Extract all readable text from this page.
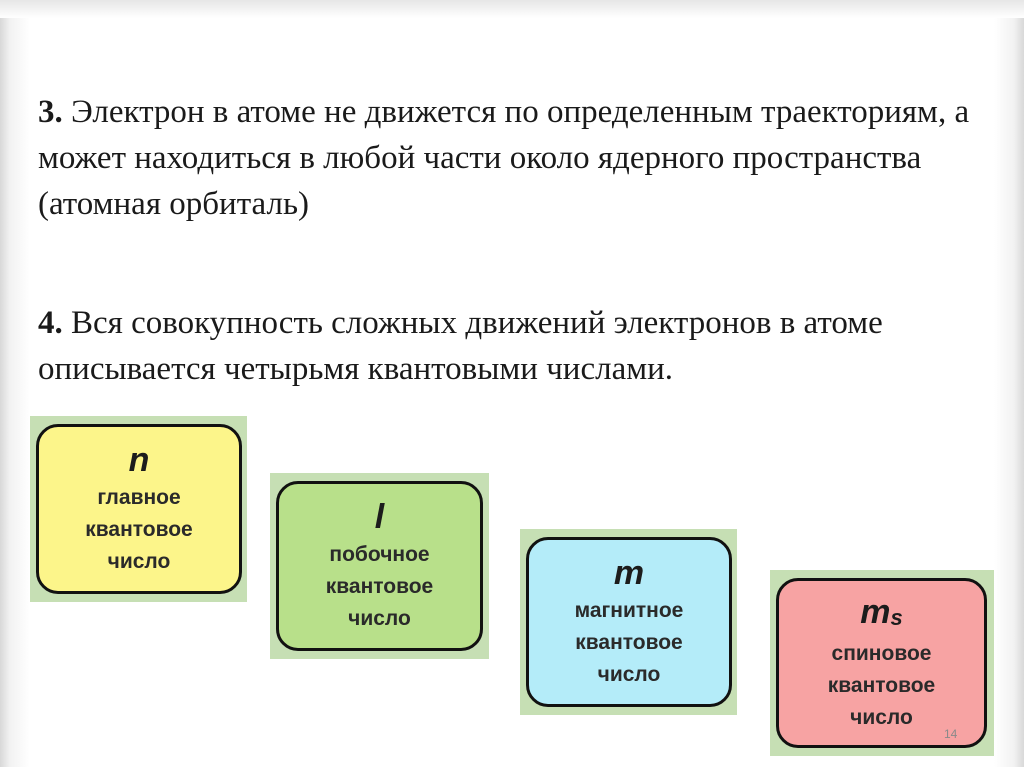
3. Электрон в атоме не движется по определенным траекториям, а может находиться в любой части около ядерного пространства (атомная орбиталь)

4. Вся совокупность сложных движений электронов в атоме описывается четырьмя квантовыми числами.

n
главное
квантовое
число
l
побочное
квантовое
число
m
магнитное
квантовое
число
$m_s$
спиновое
квантовое
число
14
